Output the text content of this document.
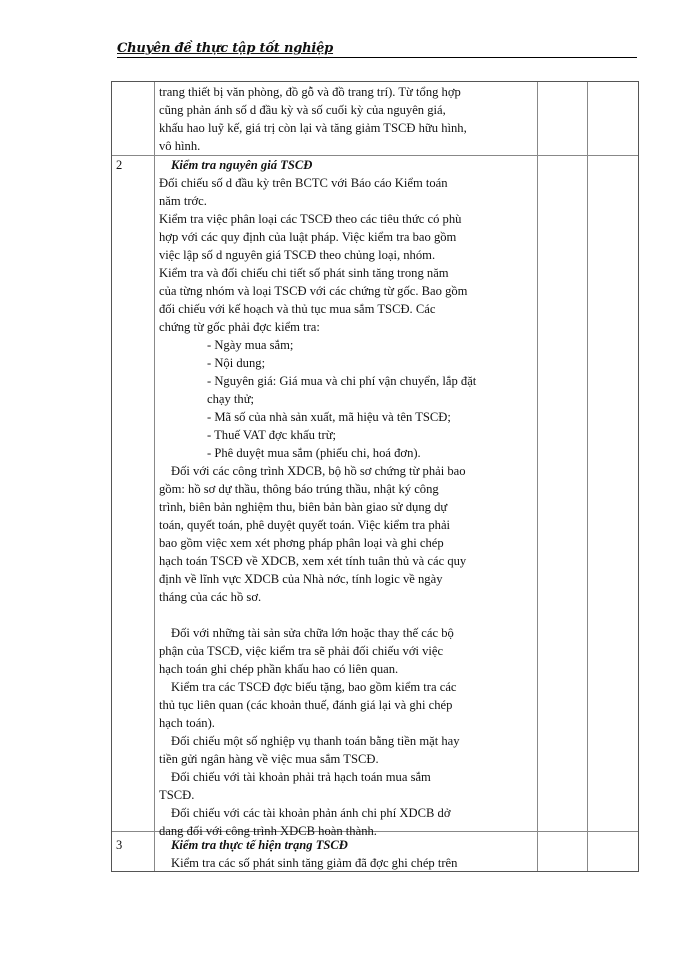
Chuyên đề thực tập tốt nghiệp

trang thiết bị văn phòng, đồ gỗ và đồ trang trí). Từ tổng hợp

cũng phản ánh số d đầu kỳ và số cuối kỳ của nguyên giá,

khấu hao luỹ kế, giá trị còn lại và tăng giảm TSCĐ hữu hình,

vô hình.

2	Kiểm tra nguyên giá TSCĐ

Đối chiếu số d đầu kỳ trên BCTC với Báo cáo Kiểm toán

năm trớc.

Kiểm tra việc phân loại các TSCĐ theo các tiêu thức có phù

hợp với các quy định của luật pháp. Việc kiểm tra bao gồm

việc lập số d nguyên giá TSCĐ theo chủng loại, nhóm.

Kiểm tra và đối chiếu chi tiết số phát sinh tăng trong năm

của từng nhóm và loại TSCĐ với các chứng từ gốc. Bao gồm

đối chiếu với kế hoạch và thủ tục mua sắm TSCĐ. Các

chứng từ gốc phải đợc kiểm tra:

- Ngày mua sắm;

- Nội dung;

- Nguyên giá: Giá mua và chi phí vận chuyển, lắp đặt

chạy thử;

- Mã số của nhà sản xuất, mã hiệu và tên TSCĐ;

- Thuế VAT đợc khấu trừ;

- Phê duyệt mua sắm (phiếu chi, hoá đơn).

Đối với các công trình XDCB, bộ hồ sơ chứng từ phải bao

gồm: hồ sơ dự thầu, thông báo trúng thầu, nhật ký công

trình, biên bản nghiệm thu, biên bản bàn giao sử dụng dự

toán, quyết toán, phê duyệt quyết toán. Việc kiểm tra phải

bao gồm việc xem xét phơng pháp phân loại và ghi chép

hạch toán TSCĐ về XDCB, xem xét tính tuân thủ và các quy

định về lĩnh vực XDCB của Nhà nớc, tính logic về ngày

tháng của các hồ sơ.

Đối với những tài sản sửa chữa lớn hoặc thay thế các bộ

phận của TSCĐ, việc kiểm tra sẽ phải đối chiếu với việc

hạch toán ghi chép phần khấu hao có liên quan.

Kiểm tra các TSCĐ đợc biếu tặng, bao gồm kiểm tra các

thủ tục liên quan (các khoản thuế, đánh giá lại và ghi chép

hạch toán).

Đối chiếu một số nghiệp vụ thanh toán bằng tiền mặt hay

tiền gửi ngân hàng về việc mua sắm TSCĐ.

Đối chiếu với tài khoản phải trả hạch toán mua sắm

TSCĐ.

Đối chiếu với các tài khoản phản ánh chi phí XDCB dở

dang đối với công trình XDCB hoàn thành.

3	Kiểm tra thực tế hiện trạng TSCĐ

Kiểm tra các số phát sinh tăng giảm đã đợc ghi chép trên
